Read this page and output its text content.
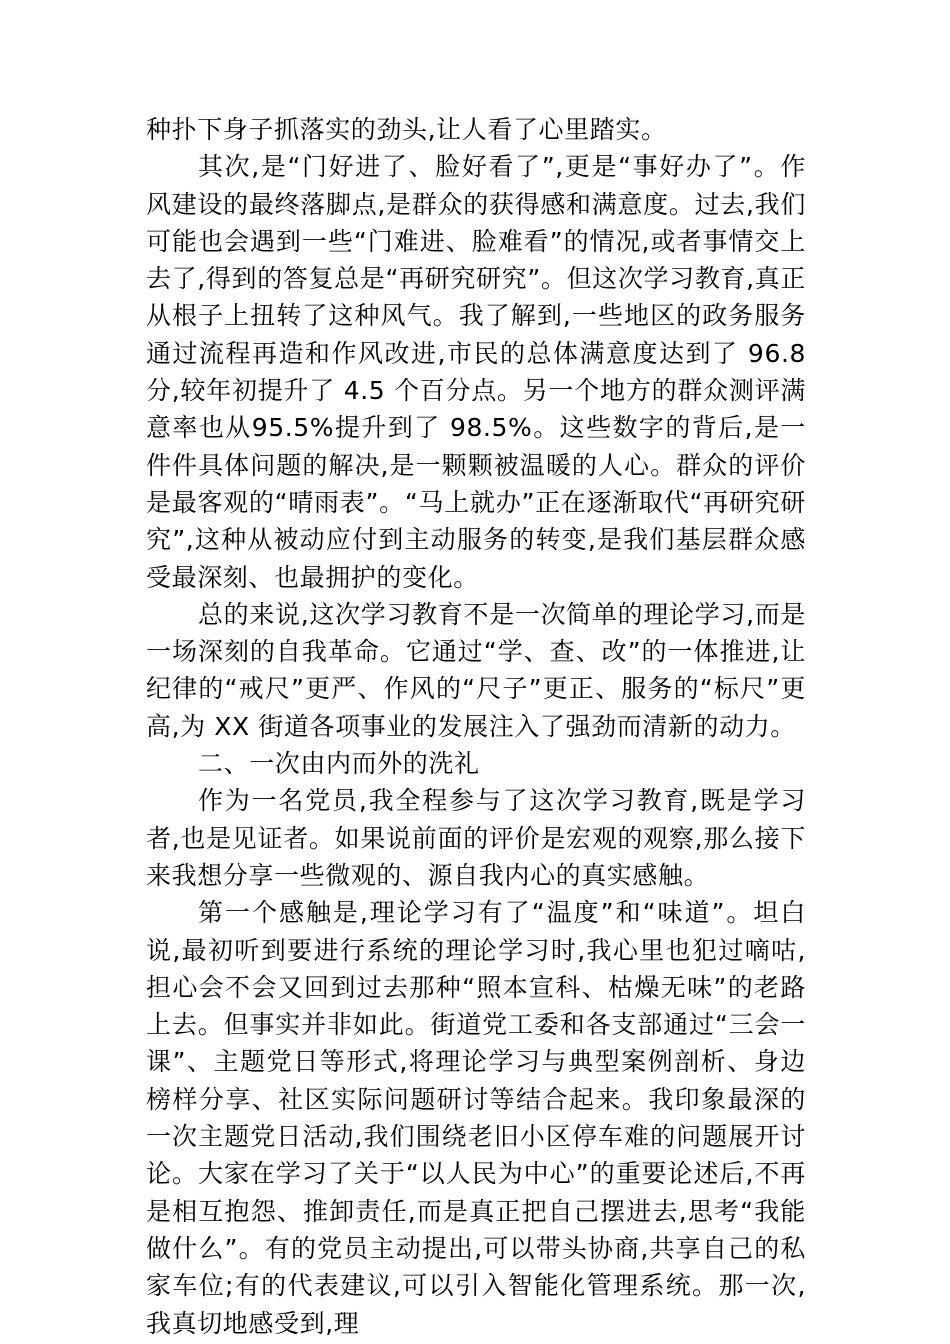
种扑下身子抓落实的劲头,让人看了心里踏实。

其次,是“门好进了、脸好看了”,更是“事好办了”。作风建设的最终落脚点,是群众的获得感和满意度。过去,我们可能也会遇到一些“门难进、脸难看”的情况,或者事情交上去了,得到的答复总是“再研究研究”。但这次学习教育,真正从根子上扭转了这种风气。我了解到,一些地区的政务服务通过流程再造和作风改进,市民的总体满意度达到了 96.8 分,较年初提升了 4.5 个百分点。另一个地方的群众测评满意率也从95.5%提升到了 98.5%。这些数字的背后,是一件件具体问题的解决,是一颗颗被温暖的人心。群众的评价是最客观的“晴雨表”。“马上就办”正在逐渐取代“再研究研究”,这种从被动应付到主动服务的转变,是我们基层群众感受最深刻、也最拥护的变化。

总的来说,这次学习教育不是一次简单的理论学习,而是一场深刻的自我革命。它通过“学、查、改”的一体推进,让纪律的“戒尺”更严、作风的“尺子”更正、服务的“标尺”更高,为 XX 街道各项事业的发展注入了强劲而清新的动力。

二、一次由内而外的洗礼

作为一名党员,我全程参与了这次学习教育,既是学习者,也是见证者。如果说前面的评价是宏观的观察,那么接下来我想分享一些微观的、源自我内心的真实感触。

第一个感触是,理论学习有了“温度”和“味道”。坦白说,最初听到要进行系统的理论学习时,我心里也犯过嘀咕,担心会不会又回到过去那种“照本宣科、枯燥无味”的老路上去。但事实并非如此。街道党工委和各支部通过“三会一课”、主题党日等形式,将理论学习与典型案例剖析、身边榜样分享、社区实际问题研讨等结合起来。我印象最深的一次主题党日活动,我们围绕老旧小区停车难的问题展开讨论。大家在学习了关于“以人民为中心”的重要论述后,不再是相互抱怨、推卸责任,而是真正把自己摆进去,思考“我能做什么”。有的党员主动提出,可以带头协商,共享自己的私家车位;有的代表建议,可以引入智能化管理系统。那一次,我真切地感受到,理
